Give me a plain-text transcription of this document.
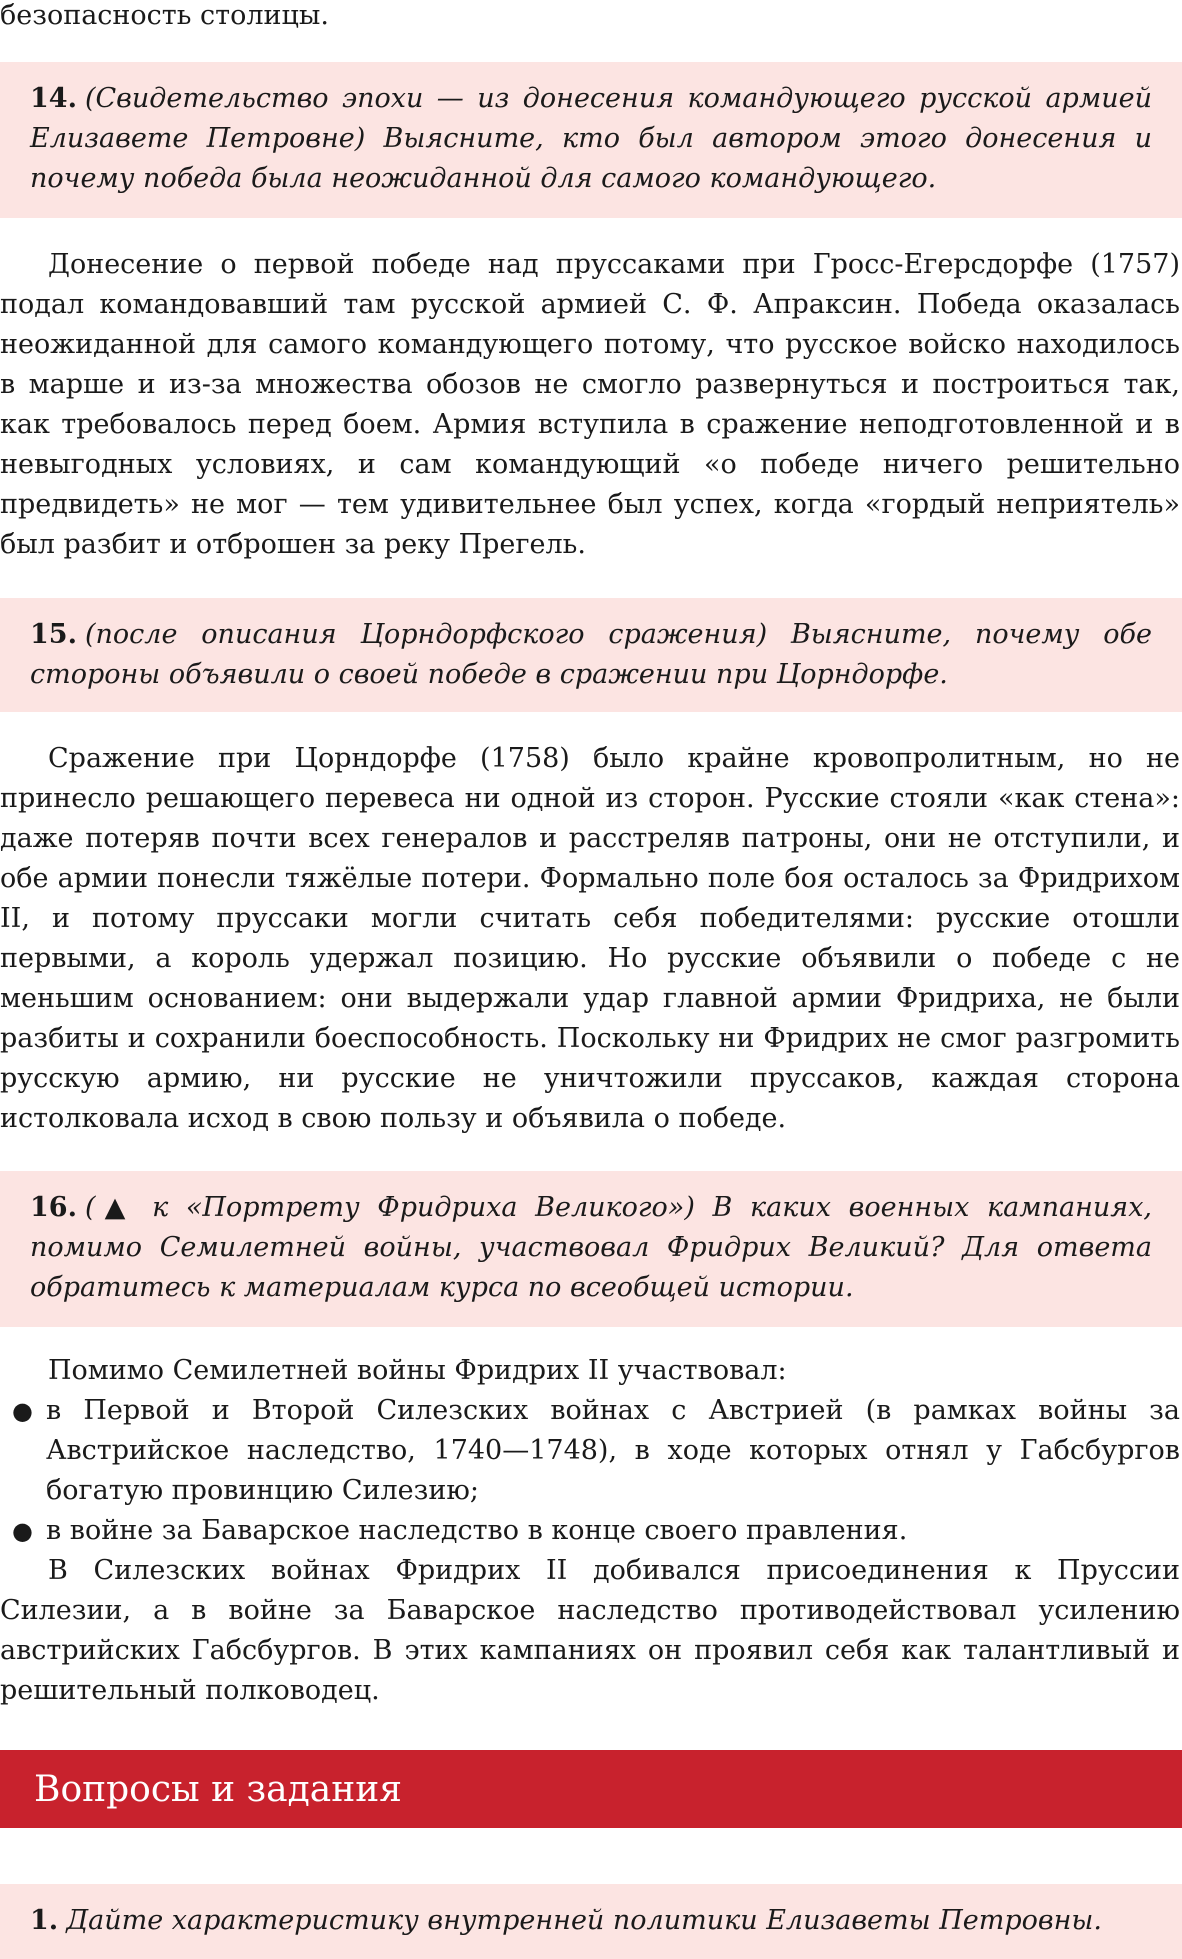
безопасность столицы.

14. (Свидетельство эпохи — из донесения командующего русской армией Елизавете Петровне) Выясните, кто был автором этого донесения и почему победа была неожиданной для самого командующего.

Донесение о первой победе над пруссаками при Гросс-Егерсдорфе (1757) подал командовавший там русской армией С. Ф. Апраксин. Победа оказалась неожиданной для самого командующего потому, что русское войско находилось в марше и из-за множества обозов не смогло развернуться и построиться так, как требовалось перед боем. Армия вступила в сражение неподготовленной и в невыгодных условиях, и сам командующий «о победе ничего решительно предвидеть» не мог — тем удивительнее был успех, когда «гордый неприятель» был разбит и отброшен за реку Прегель.

15. (после описания Цорндорфского сражения) Выясните, почему обе стороны объявили о своей победе в сражении при Цорндорфе.

Сражение при Цорндорфе (1758) было крайне кровопролитным, но не принесло решающего перевеса ни одной из сторон. Русские стояли «как стена»: даже потеряв почти всех генералов и расстреляв патроны, они не отступили, и обе армии понесли тяжёлые потери. Формально поле боя осталось за Фридрихом II, и потому пруссаки могли считать себя победителями: русские отошли первыми, а король удержал позицию. Но русские объявили о победе с не меньшим основанием: они выдержали удар главной армии Фридриха, не были разбиты и сохранили боеспособность. Поскольку ни Фридрих не смог разгромить русскую армию, ни русские не уничтожили пруссаков, каждая сторона истолковала исход в свою пользу и объявила о победе.

16. (▲ к «Портрету Фридриха Великого») В каких военных кампаниях, помимо Семилетней войны, участвовал Фридрих Великий? Для ответа обратитесь к материалам курса по всеобщей истории.

Помимо Семилетней войны Фридрих II участвовал:

● в Первой и Второй Силезских войнах с Австрией (в рамках войны за Австрийское наследство, 1740—1748), в ходе которых отнял у Габсбургов богатую провинцию Силезию;
● в войне за Баварское наследство в конце своего правления.

В Силезских войнах Фридрих II добивался присоединения к Пруссии Силезии, а в войне за Баварское наследство противодействовал усилению австрийских Габсбургов. В этих кампаниях он проявил себя как талантливый и решительный полководец.

Вопросы и задания

1. Дайте характеристику внутренней политики Елизаветы Петровны.
